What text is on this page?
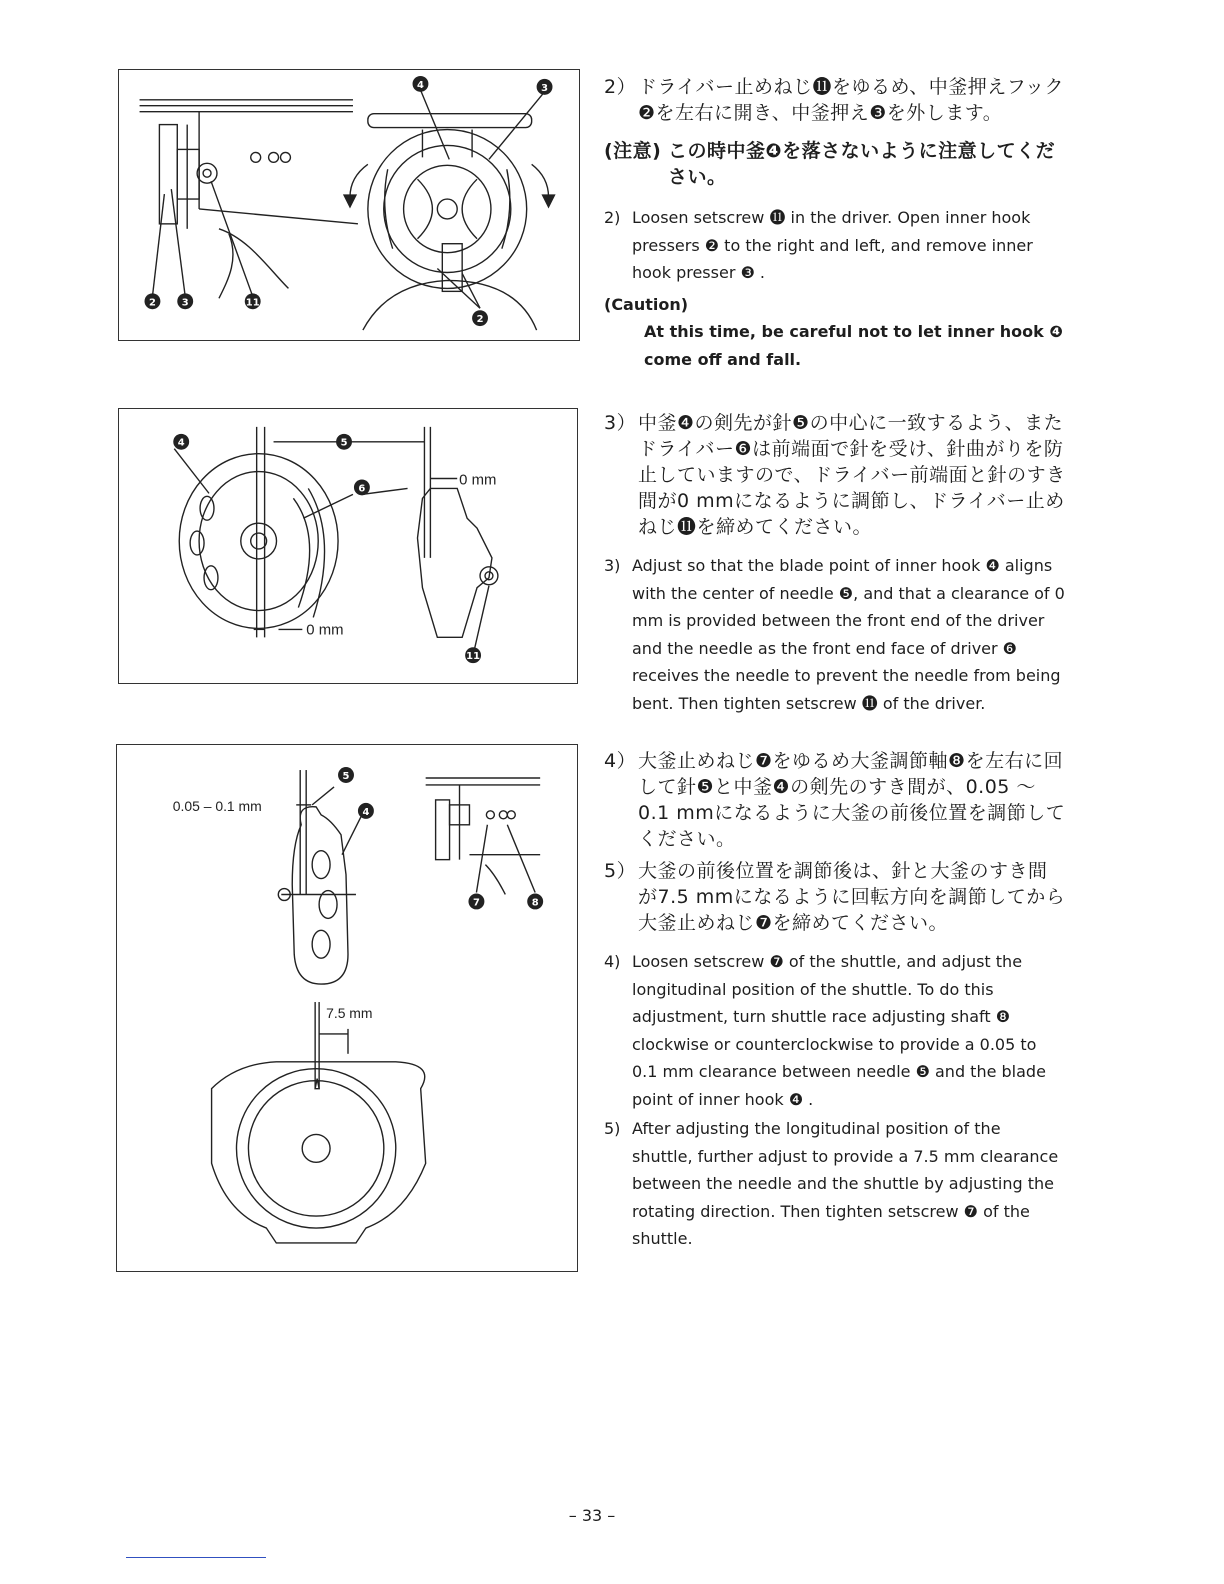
4	3
2	3	11
2
0 mm
0 mm
4	5
6
11
0.05 – 0.1 mm
7.5 mm
5
4
7	8
2） ドライバー止めねじ⓫をゆるめ、中釜押えフック❷を左右に開き、中釜押え❸を外します。
(注意) この時中釜❹を落さないように注意してください。
2) Loosen setscrew ⓫ in the driver. Open inner hook pressers ❷ to the right and left, and remove inner hook presser ❸ .
(Caution)
At this time, be careful not to let inner hook ❹ come off and fall.
3） 中釜❹の剣先が針❺の中心に一致するよう、またドライバー❻は前端面で針を受け、針曲がりを防止していますので、ドライバー前端面と針のすき間が0 mmになるように調節し、ドライバー止めねじ⓫を締めてください。
3) Adjust so that the blade point of inner hook ❹ aligns with the center of needle ❺, and that a clearance of 0 mm is provided between the front end of the driver and the needle as the front end face of driver ❻ receives the needle to prevent the needle from being bent. Then tighten setscrew ⓫ of the driver.
4） 大釜止めねじ❼をゆるめ大釜調節軸❽を左右に回して針❺と中釜❹の剣先のすき間が、0.05 ～ 0.1 mmになるように大釜の前後位置を調節してください。
5） 大釜の前後位置を調節後は、針と大釜のすき間が7.5 mmになるように回転方向を調節してから大釜止めねじ❼を締めてください。
4) Loosen setscrew ❼ of the shuttle, and adjust the longitudinal position of the shuttle. To do this adjustment, turn shuttle race adjusting shaft ❽ clockwise or counterclockwise to provide a 0.05 to 0.1 mm clearance between needle ❺ and the blade point of inner hook ❹ .
5) After adjusting the longitudinal position of the shuttle, further adjust to provide a 7.5 mm clearance between the needle and the shuttle by adjusting the rotating direction. Then tighten setscrew ❼ of the shuttle.
– 33 –
